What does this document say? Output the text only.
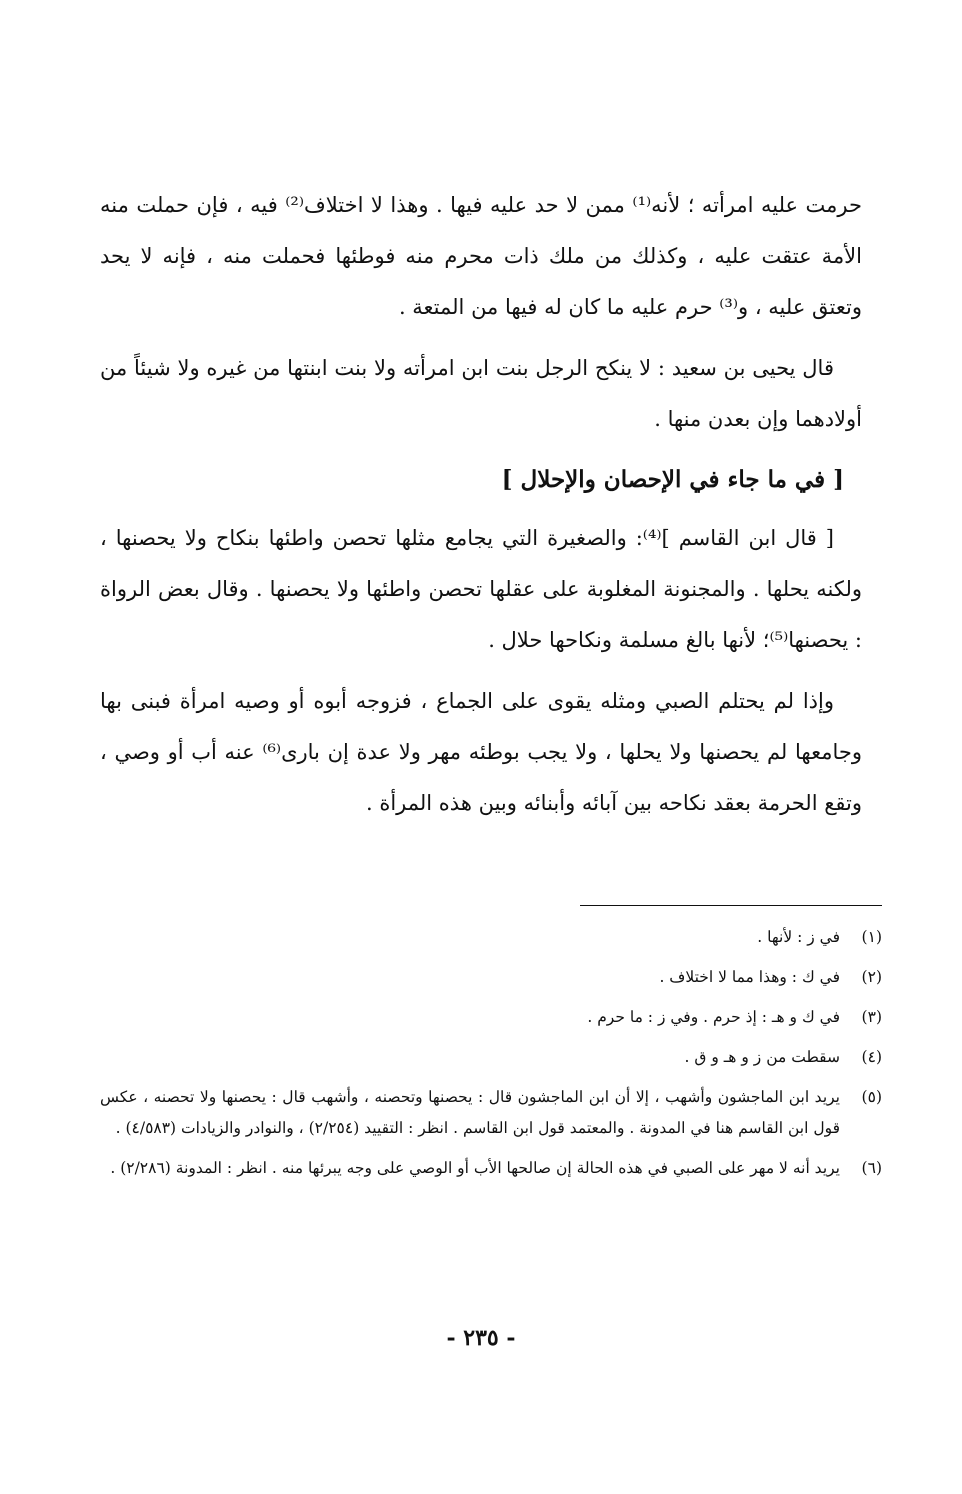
حرمت عليه امرأته ؛ لأنه⁽¹⁾ ممن لا حد عليه فيها . وهذا لا اختلاف⁽²⁾ فيه ، فإن حملت منه الأمة عتقت عليه ، وكذلك من ملك ذات محرم منه فوطئها فحملت منه ، فإنه لا يحد وتعتق عليه ، و⁽³⁾ حرم عليه ما كان له فيها من المتعة .

قال يحيى بن سعيد : لا ينكح الرجل بنت ابن امرأته ولا بنت ابنتها من غيره ولا شيئاً من أولادهما وإن بعدن منها .

[ في ما جاء في الإحصان والإحلال ]

[ قال ابن القاسم ]⁽⁴⁾: والصغيرة التي يجامع مثلها تحصن واطئها بنكاح ولا يحصنها ، ولكنه يحلها . والمجنونة المغلوبة على عقلها تحصن واطئها ولا يحصنها . وقال بعض الرواة : يحصنها⁽⁵⁾؛ لأنها بالغ مسلمة ونكاحها حلال .

وإذا لم يحتلم الصبي ومثله يقوى على الجماع ، فزوجه أبوه أو وصيه امرأة فبنى بها وجامعها لم يحصنها ولا يحلها ، ولا يجب بوطئه مهر ولا عدة إن بارى⁽⁶⁾ عنه أب أو وصي ، وتقع الحرمة بعقد نكاحه بين آبائه وأبنائه وبين هذه المرأة .

(١)
في ز : لأنها .
(٢)
في ك : وهذا مما لا اختلاف .
(٣)
في ك و هـ : إذ حرم . وفي ز : ما حرم .
(٤)
سقطت من ز و هـ و ق .
(٥)
يريد ابن الماجشون وأشهب ، إلا أن ابن الماجشون قال : يحصنها وتحصنه ، وأشهب قال : يحصنها ولا تحصنه ، عكس قول ابن القاسم هنا في المدونة . والمعتمد قول ابن القاسم . انظر : التقييد (٢/٢٥٤) ، والنوادر والزيادات (٤/٥٨٣) .
(٦)
يريد أنه لا مهر على الصبي في هذه الحالة إن صالحها الأب أو الوصي على وجه يبرئها منه . انظر : المدونة (٢/٢٨٦) .
- ٢٣٥ -
